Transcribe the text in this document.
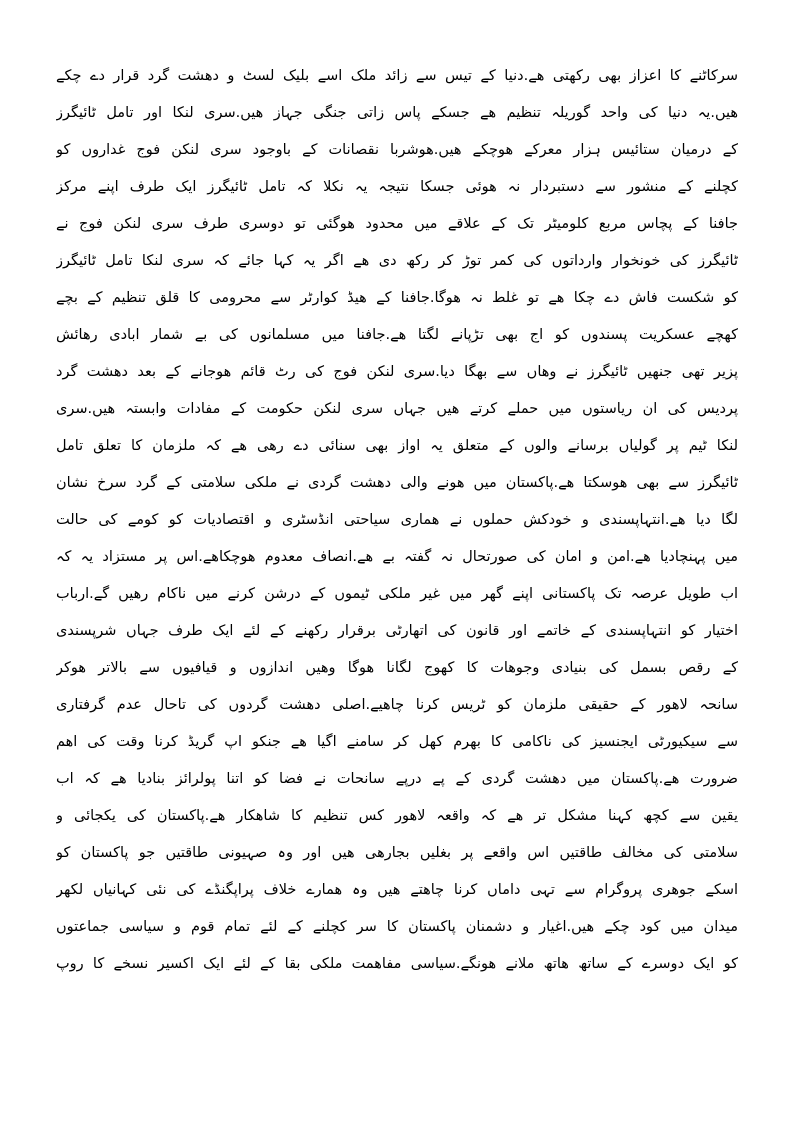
سرکاٹنے کا اعزاز بھی رکھتی ھے.دنیا کے تیس سے زائد ملک اسے بلیک لسٹ و دھشت گرد قرار دے چکے
ھیں.یہ دنیا کی واحد گوریلہ تنظیم ھے جسکے پاس زاتی جنگی جہاز ھیں.سری لنکا اور تامل ٹائیگرز
کے درمیان ستائیس ہزار معرکے ھوچکے ھیں.ھوشربا نقصانات کے باوجود سری لنکن فوج غداروں کو
کچلنے کے منشور سے دستبردار نہ ھوئی جسکا نتیجہ یہ نکلا کہ تامل ٹائیگرز ایک طرف اپنے مرکز
جافنا کے پچاس مربع کلومیٹر تک کے علاقے میں محدود ھوگئی تو دوسری طرف سری لنکن فوج نے
ٹائیگرز کی خونخوار وارداتوں کی کمر توڑ کر رکھ دی ھے اگر یہ کہا جائے کہ سری لنکا تامل ٹائیگرز
کو شکست فاش دے چکا ھے تو غلط نہ ھوگا.جافنا کے ھیڈ کوارٹر سے محرومی کا قلق تنظیم کے بچے
کھچے عسکریت پسندوں کو اج بھی تڑپانے لگتا ھے.جافنا میں مسلمانوں کی بے شمار ابادی رھائش
پزیر تھی جنھیں ٹائیگرز نے وھاں سے بھگا دیا.سری لنکن فوج کی رٹ قائم ھوجانے کے بعد دھشت گرد
پردیس کی ان ریاستوں میں حملے کرتے ھیں جہاں سری لنکن حکومت کے مفادات وابستہ ھیں.سری
لنکا ٹیم پر گولیاں برسانے والوں کے متعلق یہ اواز بھی سنائی دے رھی ھے کہ ملزمان کا تعلق تامل
ٹائیگرز سے بھی ھوسکتا ھے.پاکستان میں ھونے والی دھشت گردی نے ملکی سلامتی کے گرد سرخ نشان
لگا دیا ھے.انتہاپسندی و خودکش حملوں نے ھماری سیاحتی انڈسٹری و اقتصادیات کو کومے کی حالت
میں پہنچادیا ھے.امن و امان کی صورتحال نہ گفتہ بے ھے.انصاف معدوم ھوچکاھے.اس پر مستزاد یہ کہ
اب طویل عرصہ تک پاکستانی اپنے گھر میں غیر ملکی ٹیموں کے درشن کرنے میں ناکام رھیں گے.ارباب
اختیار کو انتہاپسندی کے خاتمے اور قانون کی اتھارٹی برقرار رکھنے کے لئے ایک طرف جہاں شرپسندی
کے رقص بسمل کی بنیادی وجوھات کا کھوج لگانا ھوگا وھیں اندازوں و قیافیوں سے بالاتر ھوکر
سانحہ لاھور کے حقیقی ملزمان کو ٹریس کرنا چاھیے.اصلی دھشت گردوں کی تاحال عدم گرفتاری
سے سیکیورٹی ایجنسیز کی ناکامی کا بھرم کھل کر سامنے اگیا ھے جنکو اپ گریڈ کرنا وقت کی اھم
ضرورت ھے.پاکستان میں دھشت گردی کے پے درپے سانحات نے فضا کو اتنا پولرائز بنادیا ھے کہ اب
یقین سے کچھ کہنا مشکل تر ھے کہ واقعہ لاھور کس تنظیم کا شاھکار ھے.پاکستان کی یکجائی و
سلامتی کی مخالف طاقتیں اس واقعے پر بغلیں بجارھی ھیں اور وہ صہیونی طاقتیں جو پاکستان کو
اسکے جوھری پروگرام سے تہی داماں کرنا چاھتے ھیں وہ ھمارے خلاف پراپگنڈے کی نئی کہانیاں لکھر
میدان میں کود چکے ھیں.اغیار و دشمنان پاکستان کا سر کچلنے کے لئے تمام قوم و سیاسی جماعتوں
کو ایک دوسرے کے ساتھ ھاتھ ملانے ھونگے.سیاسی مفاھمت ملکی بقا کے لئے ایک اکسیر نسخے کا روپ
